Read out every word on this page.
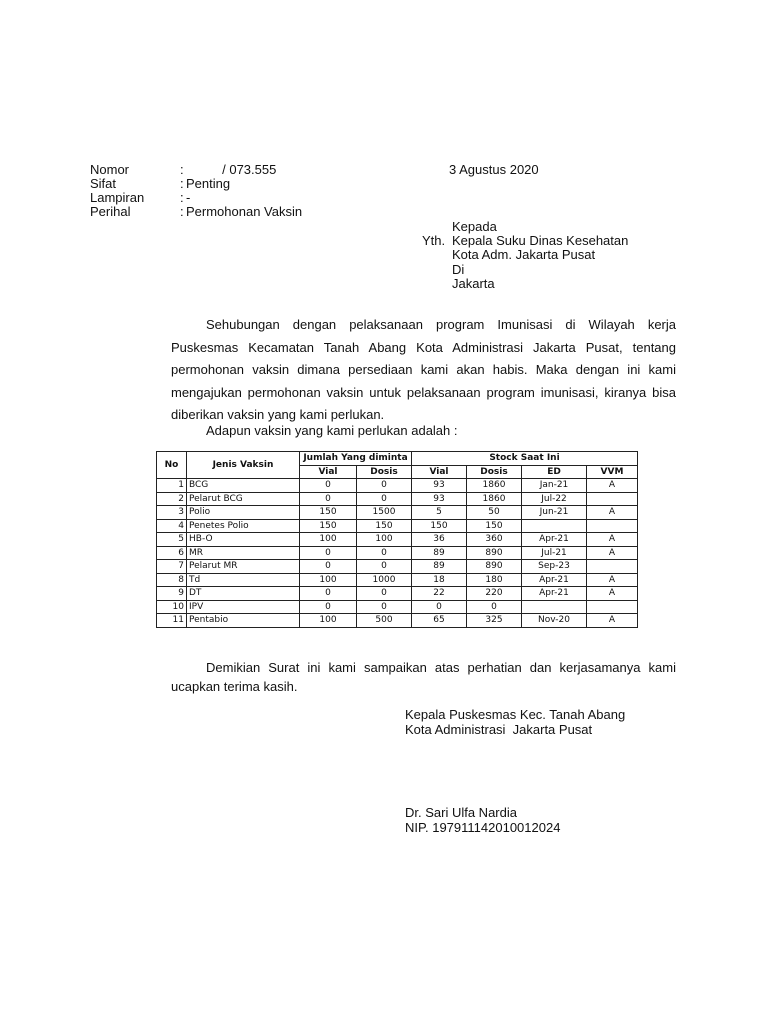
Nomor	: / 073.555
Sifat	: Penting
Lampiran	: -
Perihal	: Permohonan Vaksin
3 Agustus 2020
Kepada
Yth. Kepala Suku Dinas Kesehatan
Kota Adm. Jakarta Pusat
Di
Jakarta
Sehubungan dengan pelaksanaan program Imunisasi di Wilayah kerja Puskesmas Kecamatan Tanah Abang Kota Administrasi Jakarta Pusat, tentang permohonan vaksin dimana persediaan kami akan habis. Maka dengan ini kami mengajukan permohonan vaksin untuk pelaksanaan program imunisasi, kiranya bisa diberikan vaksin yang kami perlukan.
Adapun vaksin yang kami perlukan adalah :
No	Jenis Vaksin	Jumlah Yang diminta		Stock Saat Ini			
		Vial	Dosis	Vial	Dosis	ED	VVM
1	BCG	0	0	93	1860	Jan-21	A
2	Pelarut BCG	0	0	93	1860	Jul-22	
3	Polio	150	1500	5	50	Jun-21	A
4	Penetes Polio	150	150	150	150		
5	HB-O	100	100	36	360	Apr-21	A
6	MR	0	0	89	890	Jul-21	A
7	Pelarut MR	0	0	89	890	Sep-23	
8	Td	100	1000	18	180	Apr-21	A
9	DT	0	0	22	220	Apr-21	A
10	IPV	0	0	0	0		
11	Pentabio	100	500	65	325	Nov-20	A
Demikian Surat ini kami sampaikan atas perhatian dan kerjasamanya kami ucapkan terima kasih.
Kepala Puskesmas Kec. Tanah Abang
Kota Administrasi  Jakarta Pusat
Dr. Sari Ulfa Nardia
NIP. 197911142010012024
